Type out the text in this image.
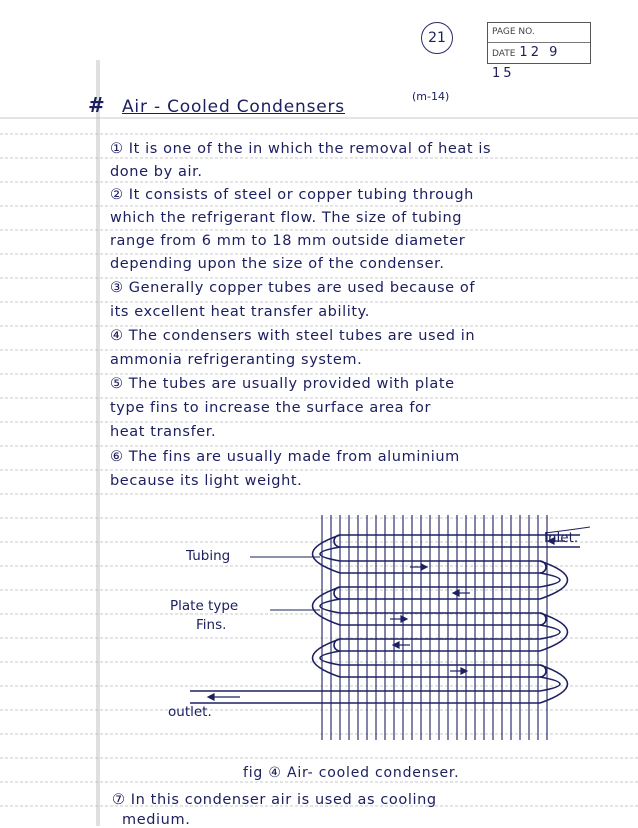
21	PAGE NO.
DATE 12 9 15
# Air - Cooled Condensers
(m-14)
① It is one of the in which the removal of heat is
done by air.
② It consists of steel or copper tubing through
which the refrigerant flow. The size of tubing
range from 6 mm to 18 mm outside diameter
depending upon the size of the condenser.
③ Generally copper tubes are used because of
its excellent heat transfer ability.
④ The condensers with steel tubes are used in
ammonia refrigeranting system.
⑤ The tubes are usually provided with plate
type fins to increase the surface area for
heat transfer.
⑥ The fins are usually made from aluminium
because its light weight.
Tubing
Plate type
Fins.
Inlet.
outlet.
fig ④ Air- cooled condenser.
⑦ In this condenser air is used as cooling
medium.
